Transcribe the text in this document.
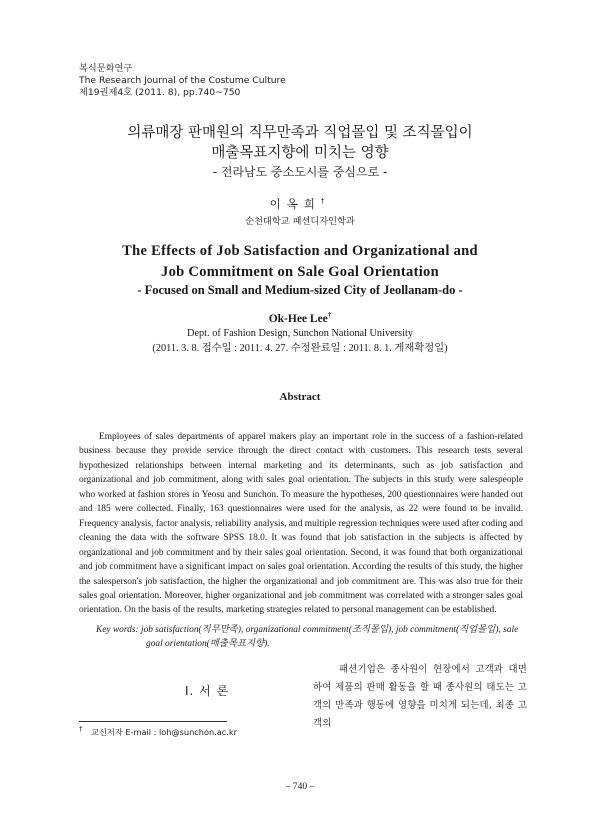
복식문화연구
The Research Journal of the Costume Culture
제19권제4호 (2011. 8), pp.740~750
의류매장 판매원의 직무만족과 직업몰입 및 조직몰입이
매출목표지향에 미치는 영향
- 전라남도 중소도시를 중심으로 -
이옥희†
순천대학교 패션디자인학과
The Effects of Job Satisfaction and Organizational and
Job Commitment on Sale Goal Orientation
- Focused on Small and Medium-sized City of Jeollanam-do -
Ok-Hee Lee†
Dept. of Fashion Design, Sunchon National University
(2011. 3. 8. 접수일 : 2011. 4. 27. 수정완료일 : 2011. 8. 1. 게재확정일)
Abstract
Employees of sales departments of apparel makers play an important role in the success of a fashion-related business because they provide service through the direct contact with customers. This research tests several hypothesized relationships between internal marketing and its determinants, such as job satisfaction and organizational and job commitment, along with sales goal orientation. The subjects in this study were salespeople who worked at fashion stores in Yeosu and Sunchon. To measure the hypotheses, 200 questionnaires were handed out and 185 were collected. Finally, 163 questionnaires were used for the analysis, as 22 were found to be invalid. Frequency analysis, factor analysis, reliability analysis, and multiple regression techniques were used after coding and cleaning the data with the software SPSS 18.0. It was found that job satisfaction in the subjects is affected by organizational and job commitment and by their sales goal orientation. Second, it was found that both organizational and job commitment have a significant impact on sales goal orientation. According the results of this study, the higher the salesperson's job satisfaction, the higher the organizational and job commitment are. This was also true for their sales goal orientation. Moreover, higher organizational and job commitment was correlated with a stronger sales goal orientation. On the basis of the results, marketing strategies related to personal management can be established.
Key words: job satisfaction(직무만족), organizational commitment(조직몰입), job commitment(직업몰입), sale
goal orientation(매출목표지향).
Ⅰ. 서 론
패션기업은 종사원이 현장에서 고객과 대면하여 제품의 판매 활동을 할 때 종사원의 태도는 고객의 만족과 행동에 영향을 미치게 되는데, 최종 고객의
† 교신저자 E-mail : loh@sunchon.ac.kr
– 740 –
